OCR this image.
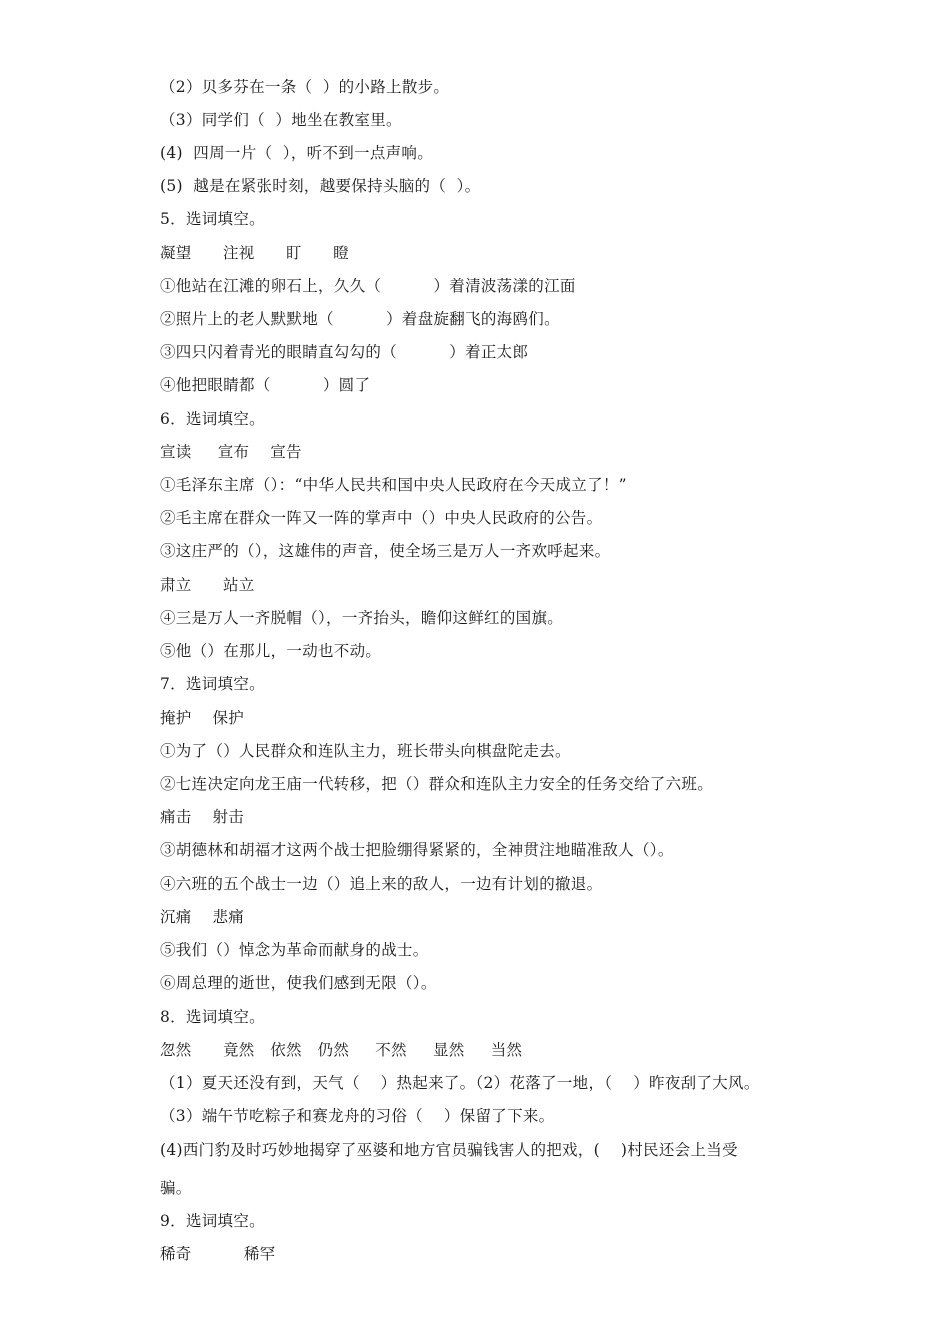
（2）贝多芬在一条（  ）的小路上散步。
（3）同学们（  ）地坐在教室里。
(4)  四周一片（  ），听不到一点声响。
(5)  越是在紧张时刻，越要保持头脑的（  ）。
5．选词填空。
凝望      注视      盯      瞪
①他站在江滩的卵石上，久久（          ）着清波荡漾的江面
②照片上的老人默默地（          ）着盘旋翻飞的海鸥们。
③四只闪着青光的眼睛直勾勾的（          ）着正太郎
④他把眼睛都（          ）圆了
6．选词填空。
宣读     宣布    宣告
①毛泽东主席（）：“中华人民共和国中央人民政府在今天成立了！”
②毛主席在群众一阵又一阵的掌声中（）中央人民政府的公告。
③这庄严的（），这雄伟的声音，使全场三是万人一齐欢呼起来。
肃立      站立
④三是万人一齐脱帽（），一齐抬头，瞻仰这鲜红的国旗。
⑤他（）在那儿，一动也不动。
7．选词填空。
掩护    保护
①为了（）人民群众和连队主力，班长带头向棋盘陀走去。
②七连决定向龙王庙一代转移，把（）群众和连队主力安全的任务交给了六班。
痛击    射击
③胡德林和胡福才这两个战士把脸绷得紧紧的，全神贯注地瞄准敌人（）。
④六班的五个战士一边（）追上来的敌人，一边有计划的撤退。
沉痛    悲痛
⑤我们（）悼念为革命而献身的战士。
⑥周总理的逝世，使我们感到无限（）。
8．选词填空。
忽然      竟然   依然   仍然     不然     显然     当然
（1）夏天还没有到，天气（    ）热起来了。（2）花落了一地，（    ）昨夜刮了大风。
（3）端午节吃粽子和赛龙舟的习俗（    ）保留了下来。
(4)西门豹及时巧妙地揭穿了巫婆和地方官员骗钱害人的把戏，(    )村民还会上当受
骗。
9．选词填空。
稀奇          稀罕
